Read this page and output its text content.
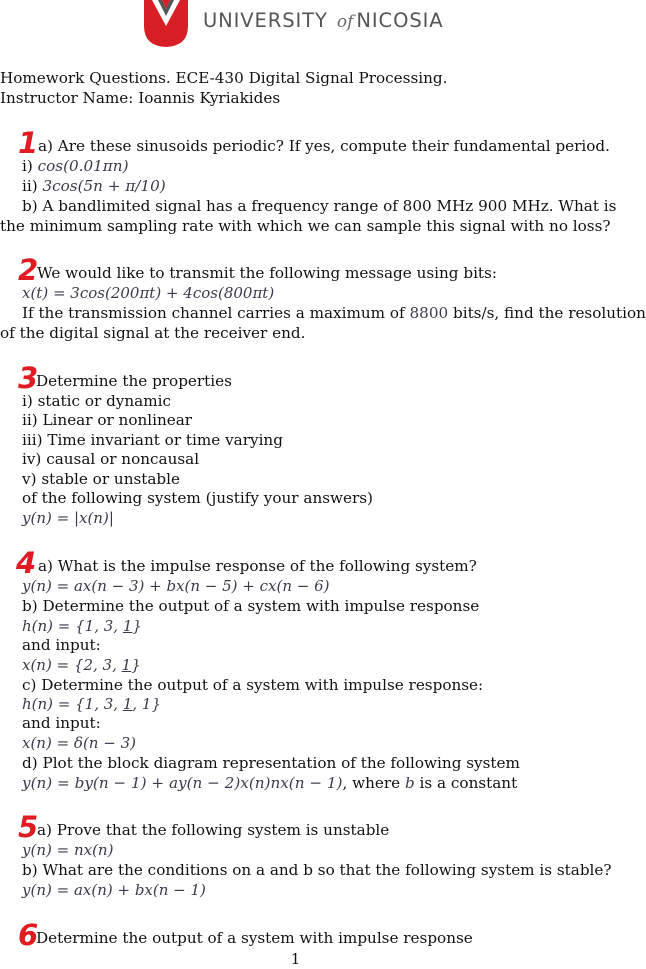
UNIVERSITY of NICOSIA
Homework Questions. ECE-430 Digital Signal Processing.
Instructor Name: Ioannis Kyriakides
1 a) Are these sinusoids periodic? If yes, compute their fundamental period.
i) cos(0.01πn)
ii) 3cos(5n + π/10)
b) A bandlimited signal has a frequency range of 800 MHz 900 MHz. What is
the minimum sampling rate with which we can sample this signal with no loss?
2
We would like to transmit the following message using bits:
x(t) = 3cos(200πt) + 4cos(800πt)
If the transmission channel carries a maximum of 8800 bits/s, find the resolution
of the digital signal at the receiver end.
3
Determine the properties
i) static or dynamic
ii) Linear or nonlinear
iii) Time invariant or time varying
iv) causal or noncausal
v) stable or unstable
of the following system (justify your answers)
y(n) = |x(n)|
4 a) What is the impulse response of the following system?
y(n) = ax(n − 3) + bx(n − 5) + cx(n − 6)
b) Determine the output of a system with impulse response
h(n) = {1, 3, 1}
and input:
x(n) = {2, 3, 1}
c) Determine the output of a system with impulse response:
h(n) = {1, 3, 1, 1}
and input:
x(n) = δ(n − 3)
d) Plot the block diagram representation of the following system
y(n) = by(n − 1) + ay(n − 2)x(n)nx(n − 1), where b is a constant
5
a) Prove that the following system is unstable
y(n) = nx(n)
b) What are the conditions on a and b so that the following system is stable?
y(n) = ax(n) + bx(n − 1)
6
Determine the output of a system with impulse response
1
